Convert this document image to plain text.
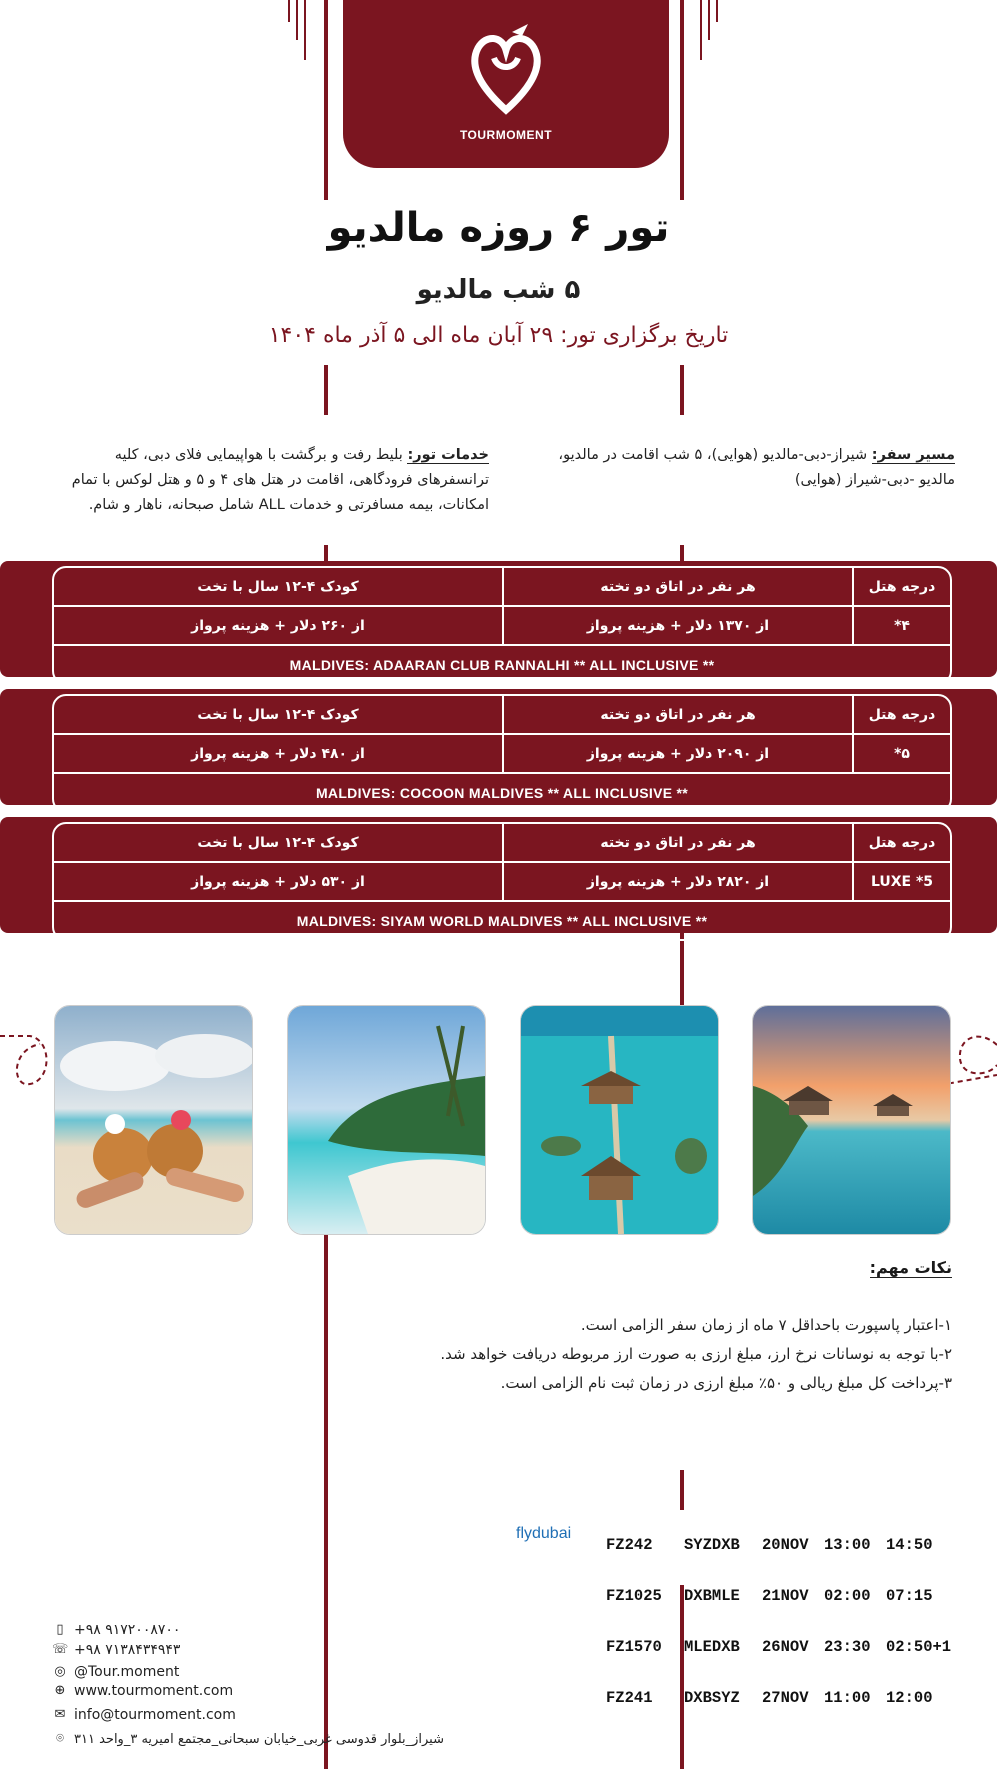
TOURMOMENT
تور ۶ روزه مالدیو
۵ شب مالدیو
تاریخ برگزاری تور: ۲۹ آبان ماه الی ۵ آذر ماه ۱۴۰۴
مسیر سفر: شیراز-دبی-مالدیو (هوایی)، ۵ شب اقامت در مالدیو، مالدیو -دبی-شیراز (هوایی)
خدمات تور: بلیط رفت و برگشت با هواپیمایی فلای دبی، کلیه ترانسفرهای فرودگاهی، اقامت در هتل های ۴ و ۵ و هتل لوکس با تمام امکانات، بیمه مسافرتی و خدمات ALL شامل صبحانه، ناهار و شام.
درجه هتل	هر نفر در اتاق دو تخته	کودک ۴-۱۲ سال با تخت
۴*	از ۱۳۷۰ دلار + هزینه پرواز	از ۲۶۰ دلار + هزینه پرواز
MALDIVES: ADAARAN CLUB RANNALHI ** ALL INCLUSIVE **		
درجه هتل	هر نفر در اتاق دو تخته	کودک ۴-۱۲ سال با تخت
۵*	از ۲۰۹۰ دلار + هزینه پرواز	از ۴۸۰ دلار + هزینه پرواز
MALDIVES: COCOON MALDIVES ** ALL INCLUSIVE **		
درجه هتل	هر نفر در اتاق دو تخته	کودک ۴-۱۲ سال با تخت
5* LUXE	از ۲۸۲۰ دلار + هزینه پرواز	از ۵۳۰ دلار + هزینه پرواز
MALDIVES: SIYAM WORLD MALDIVES ** ALL INCLUSIVE **		
نکات مهم:
۱-اعتبار پاسپورت باحداقل ۷ ماه از زمان سفر الزامی است.
۲-با توجه به نوسانات نرخ ارز، مبلغ ارزی به صورت ارز مربوطه دریافت خواهد شد.
۳-پرداخت کل مبلغ ریالی و ۵۰٪ مبلغ ارزی در زمان ثبت نام الزامی است.
flydubai

FZ242 SYZDXB 20NOV 13:00 14:50

FZ1025 DXBMLE 21NOV 02:00 07:15

FZ1570 MLEDXB 26NOV 23:30 02:50+1

FZ241 DXBSYZ 27NOV 11:00 12:00

▯ +۹۸ ۹۱۷۲۰۰۸۷۰۰
☏ +۹۸ ۷۱۳۸۴۳۴۹۴۳
◎ @Tour.moment
⊕ www.tourmoment.com
✉ info@tourmoment.com
⌾ شیراز_بلوار قدوسی غربی_خیابان سبحانی_مجتمع امیریه ۳_واحد ۳۱۱
